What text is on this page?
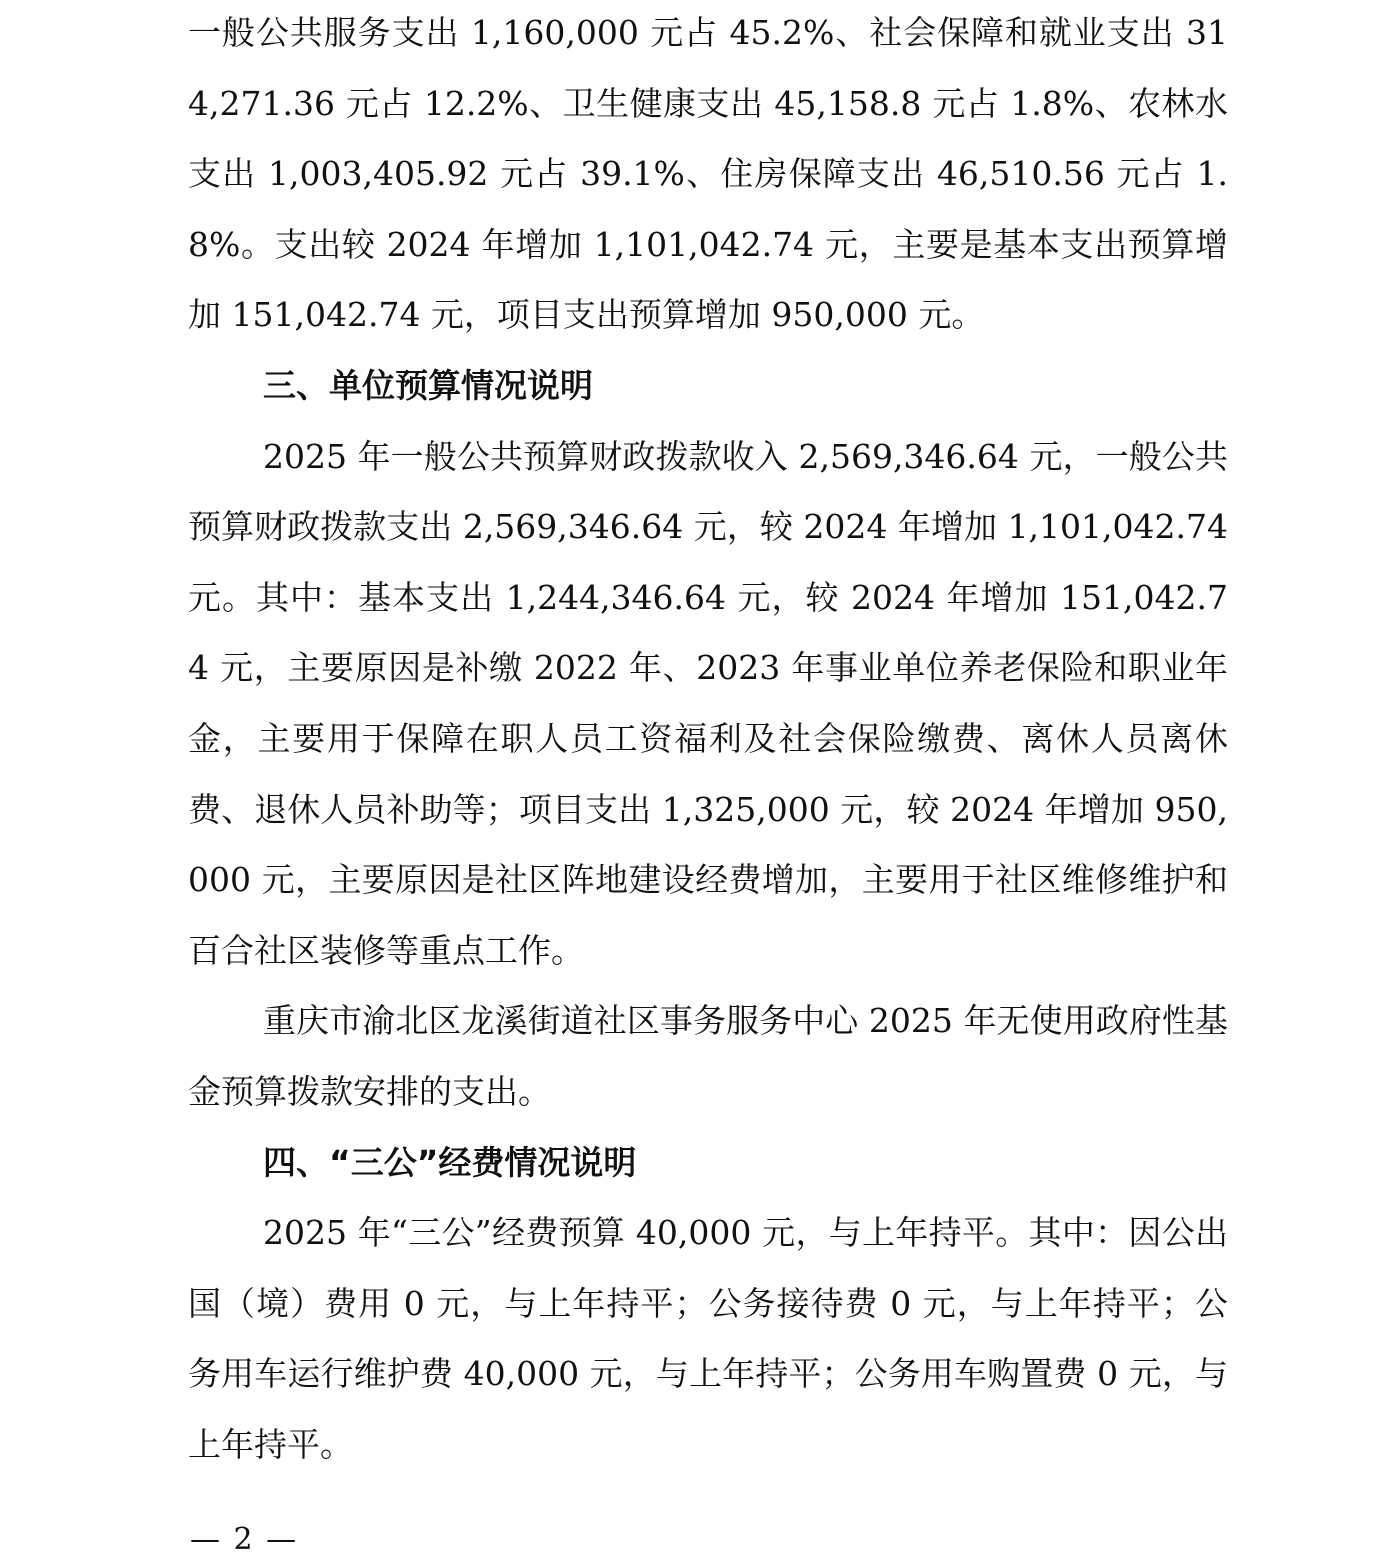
一般公共服务支出 1,160,000 元占 45.2%、社会保障和就业支出 314,271.36 元占 12.2%、卫生健康支出 45,158.8 元占 1.8%、农林水支出 1,003,405.92 元占 39.1%、住房保障支出 46,510.56 元占 1.8%。支出较 2024 年增加 1,101,042.74 元，主要是基本支出预算增加 151,042.74 元，项目支出预算增加 950,000 元。

三、单位预算情况说明

2025 年一般公共预算财政拨款收入 2,569,346.64 元，一般公共预算财政拨款支出 2,569,346.64 元，较 2024 年增加 1,101,042.74 元。其中：基本支出 1,244,346.64 元，较 2024 年增加 151,042.74 元，主要原因是补缴 2022 年、2023 年事业单位养老保险和职业年金，主要用于保障在职人员工资福利及社会保险缴费、离休人员离休费、退休人员补助等；项目支出 1,325,000 元，较 2024 年增加 950,000 元，主要原因是社区阵地建设经费增加，主要用于社区维修维护和百合社区装修等重点工作。

重庆市渝北区龙溪街道社区事务服务中心 2025 年无使用政府性基金预算拨款安排的支出。

四、“三公”经费情况说明

2025 年“三公”经费预算 40,000 元，与上年持平。其中：因公出国（境）费用 0 元，与上年持平；公务接待费 0 元，与上年持平；公务用车运行维护费 40,000 元，与上年持平；公务用车购置费 0 元，与上年持平。

— 2 —
